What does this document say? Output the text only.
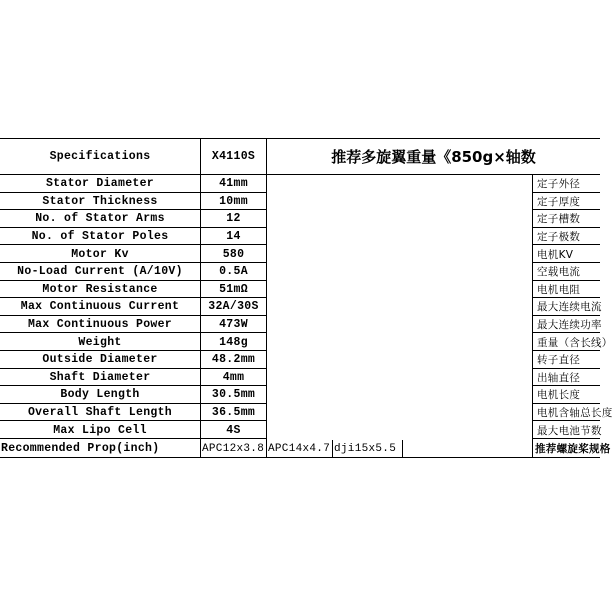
Specifications	X4110S	推荐多旋翼重量《850g×轴数
Stator Diameter	41mm	定子外径
Stator Thickness	10mm	定子厚度
No. of Stator Arms	12	定子槽数
No. of Stator Poles	14	定子极数
Motor Kv	580	电机KV
No-Load Current (A/10V)	0.5A	空载电流
Motor Resistance	51mΩ	电机电阻
Max Continuous Current	32A/30S	最大连续电流
Max Continuous Power	473W	最大连续功率
Weight	148g	重量（含长线）
Outside Diameter	48.2mm	转子直径
Shaft Diameter	4mm	出轴直径
Body Length	30.5mm	电机长度
Overall Shaft Length	36.5mm	电机含轴总长度
Max Lipo Cell	4S	最大电池节数
Recommended Prop(inch)	APC12x3.8 APC14x4.7 dji15x5.5	推荐螺旋桨规格
